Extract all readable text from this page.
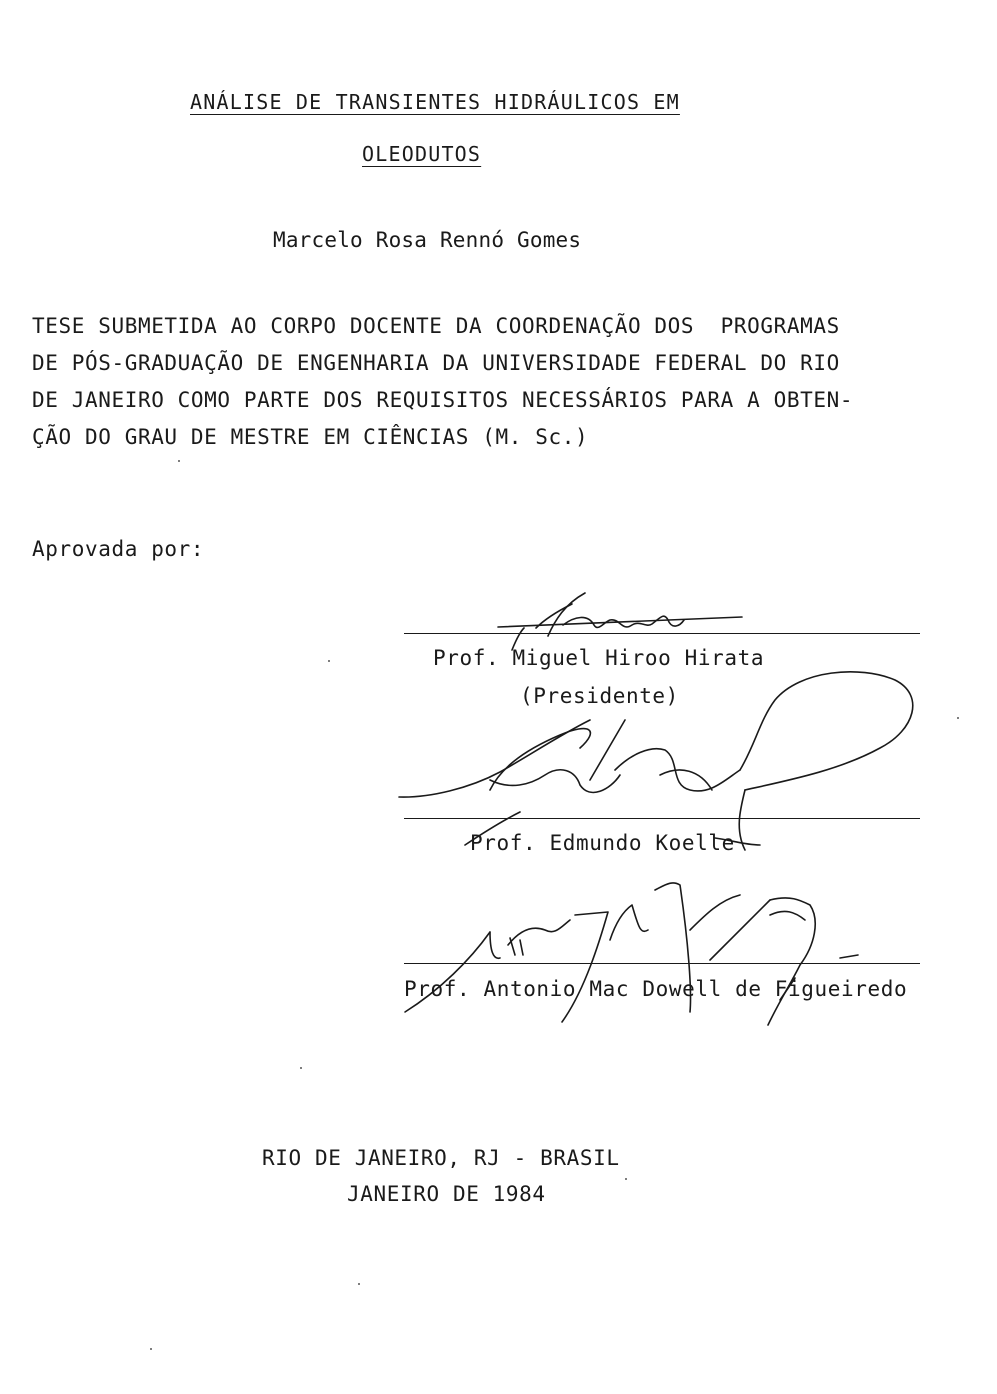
ANÁLISE DE TRANSIENTES HIDRÁULICOS EM
OLEODUTOS
Marcelo Rosa Rennó Gomes
TESE SUBMETIDA AO CORPO DOCENTE DA COORDENAÇÃO DOS  PROGRAMAS
DE PÓS-GRADUAÇÃO DE ENGENHARIA DA UNIVERSIDADE FEDERAL DO RIO
DE JANEIRO COMO PARTE DOS REQUISITOS NECESSÁRIOS PARA A OBTEN-
ÇÃO DO GRAU DE MESTRE EM CIÊNCIAS (M. Sc.)
Aprovada por:
Prof. Miguel Hiroo Hirata
(Presidente)
Prof. Edmundo Koelle
Prof. Antonio Mac Dowell de Figueiredo
RIO DE JANEIRO, RJ - BRASIL
JANEIRO DE 1984
